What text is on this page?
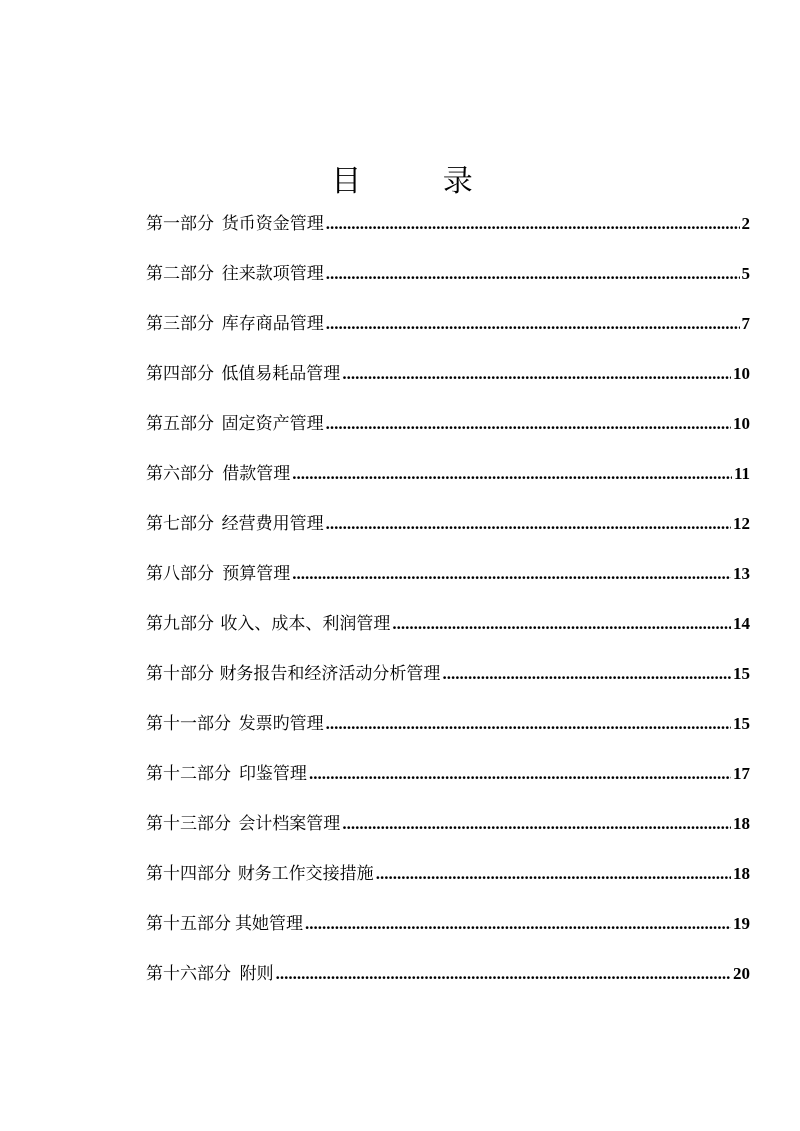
目 录
第一部分 货币资金管理 .....	2
第二部分 往来款项管理 .....	5
第三部分 库存商品管理 .....	7
第四部分 低值易耗品管理 .....	10
第五部分 固定资产管理 .....	10
第六部分 借款管理 .....	11
第七部分 经营费用管理 .....	12
第八部分 预算管理 .....	13
第九部分 收入、成本、利润管理 .....	14
第十部分 财务报告和经济活动分析管理 .....	15
第十一部分 发票旳管理 .....	15
第十二部分 印鉴管理 .....	17
第十三部分 会计档案管理 .....	18
第十四部分 财务工作交接措施 .....	18
第十五部分 其她管理 .....	19
第十六部分 附则 .....	20
